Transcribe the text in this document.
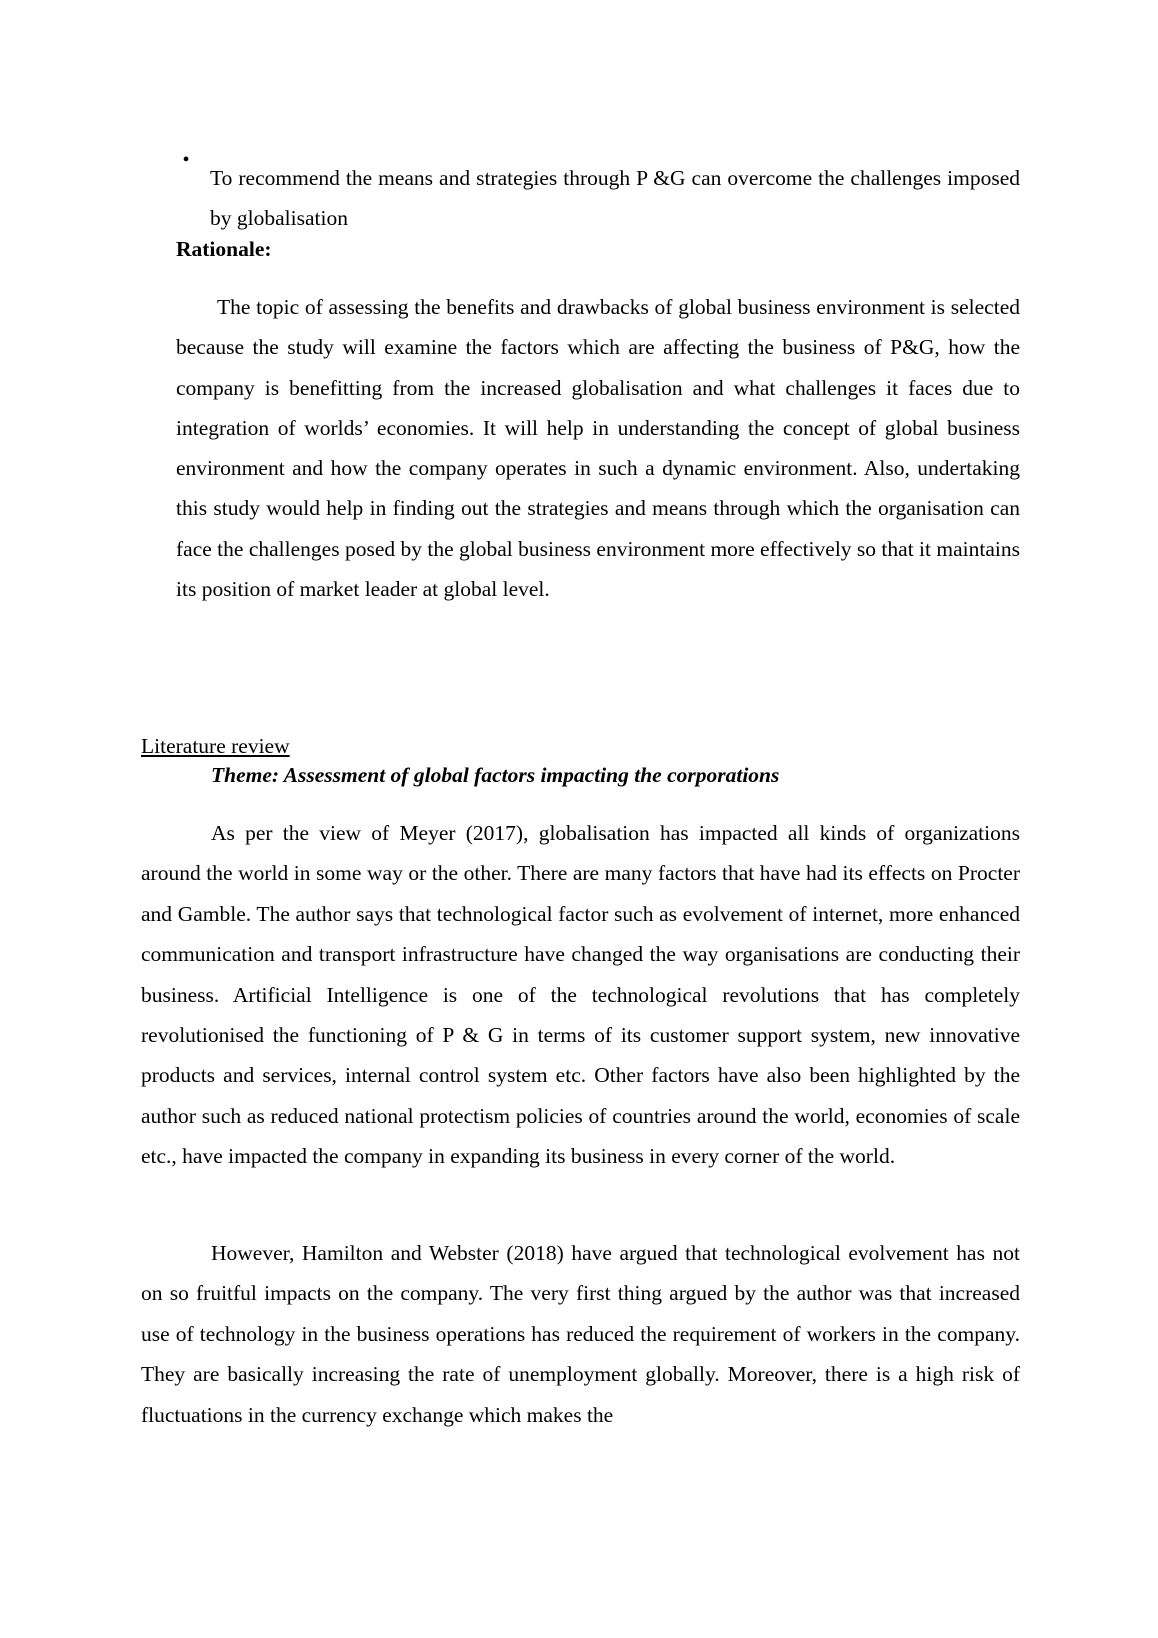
•

To recommend the means and strategies through P &G can overcome the challenges imposed by globalisation

Rationale:

The topic of assessing the benefits and drawbacks of global business environment is selected because the study will examine the factors which are affecting the business of P&G, how the company is benefitting from the increased globalisation and what challenges it faces due to integration of worlds’ economies. It will help in understanding the concept of global business environment and how the company operates in such a dynamic environment. Also, undertaking this study would help in finding out the strategies and means through which the organisation can face the challenges posed by the global business environment more effectively so that it maintains its position of market leader at global level.

Literature review

Theme: Assessment of global factors impacting the corporations

As per the view of Meyer (2017), globalisation has impacted all kinds of organizations around the world in some way or the other. There are many factors that have had its effects on Procter and Gamble. The author says that technological factor such as evolvement of internet, more enhanced communication and transport infrastructure have changed the way organisations are conducting their business. Artificial Intelligence is one of the technological revolutions that has completely revolutionised the functioning of P & G in terms of its customer support system, new innovative products and services, internal control system etc. Other factors have also been highlighted by the author such as reduced national protectism policies of countries around the world, economies of scale etc., have impacted the company in expanding its business in every corner of the world.

However, Hamilton and Webster (2018) have argued that technological evolvement has not on so fruitful impacts on the company. The very first thing argued by the author was that increased use of technology in the business operations has reduced the requirement of workers in the company. They are basically increasing the rate of unemployment globally. Moreover, there is a high risk of fluctuations in the currency exchange which makes the
